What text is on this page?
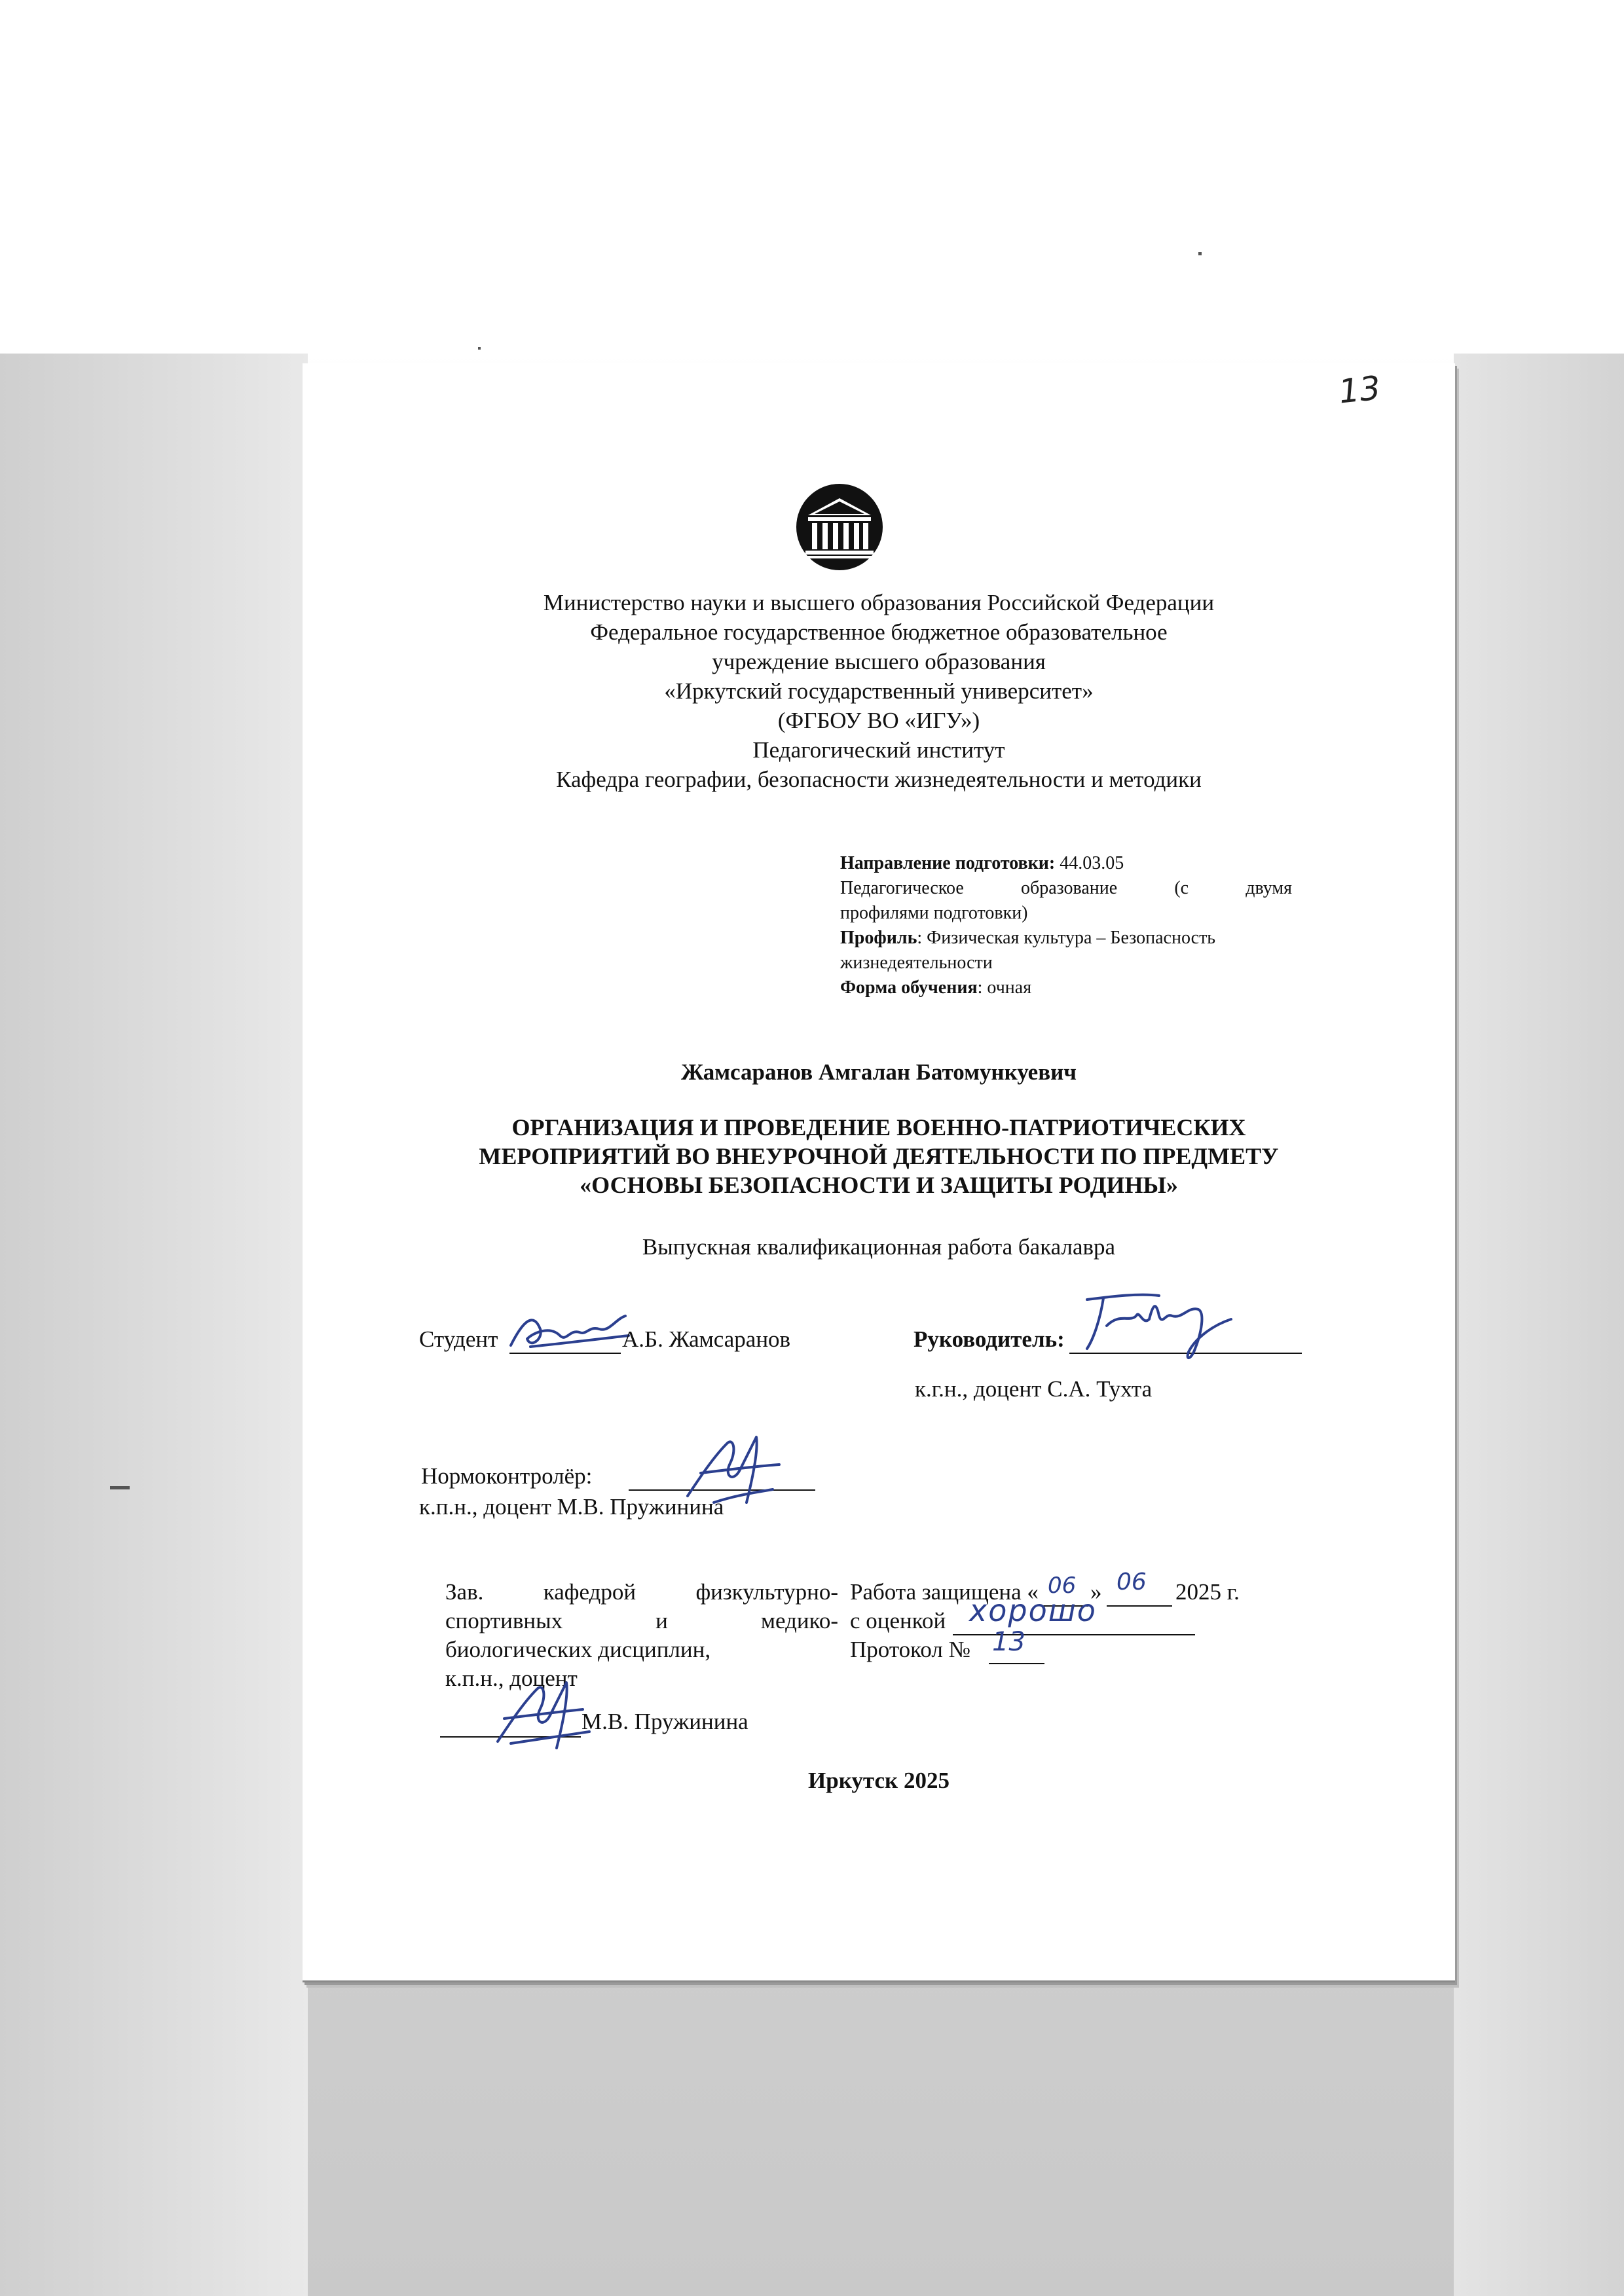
13
Министерство науки и высшего образования Российской Федерации
Федеральное государственное бюджетное образовательное
учреждение высшего образования
«Иркутский государственный университет»
(ФГБОУ ВО «ИГУ»)
Педагогический институт
Кафедра географии, безопасности жизнедеятельности и методики
Направление подготовки: 44.03.05
Педагогическое образование (с двумя
профилями подготовки)
Профиль: Физическая культура – Безопасность
жизнедеятельности
Форма обучения: очная
Жамсаранов Амгалан Батомункуевич
ОРГАНИЗАЦИЯ И ПРОВЕДЕНИЕ ВОЕННО-ПАТРИОТИЧЕСКИХ
МЕРОПРИЯТИЙ ВО ВНЕУРОЧНОЙ ДЕЯТЕЛЬНОСТИ ПО ПРЕДМЕТУ
«ОСНОВЫ БЕЗОПАСНОСТИ И ЗАЩИТЫ РОДИНЫ»
Выпускная квалификационная работа бакалавра
Студент	А.Б. Жамсаранов	Руководитель:
к.г.н., доцент С.А. Тухта
Нормоконтролёр:
к.п.н., доцент М.В. Пружинина
Зав. кафедрой физкультурно-
спортивных и медико-
биологических дисциплин,
к.п.н., доцент
М.В. Пружинина
Работа защищена « 06 » 06 2025 г.
с оценкой хорошо
Протокол № 13
Иркутск 2025
